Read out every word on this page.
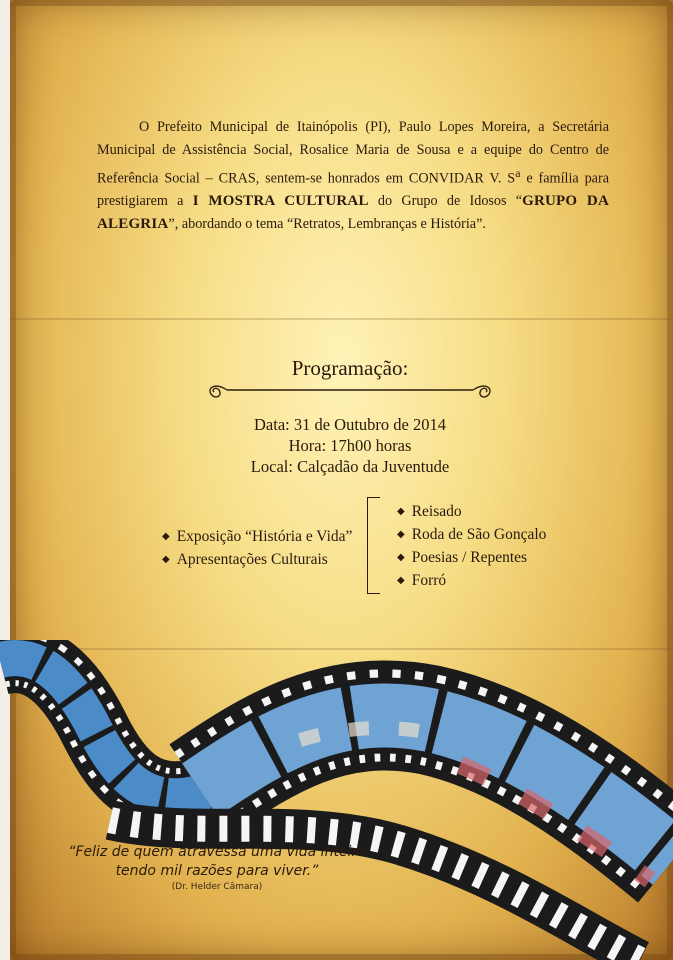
O Prefeito Municipal de Itainópolis (PI), Paulo Lopes Moreira, a Secretária Municipal de Assistência Social, Rosalice Maria de Sousa e a equipe do Centro de Referência Social – CRAS, sentem-se honrados em CONVIDAR V. $S^a$ e família para prestigiarem a I MOSTRA CULTURAL do Grupo de Idosos “GRUPO DA ALEGRIA”, abordando o tema “Retratos, Lembranças e História”.
Programação:
Data: 31 de Outubro de 2014
Hora: 17h00 horas
Local: Calçadão da Juventude
◆ Exposição “História e Vida”
◆ Apresentações Culturais
◆ Reisado
◆ Roda de São Gonçalo
◆ Poesias / Repentes
◆ Forró
“Feliz de quem atravessa uma vida inteira
tendo mil razões para viver.”
(Dr. Helder Câmara)
